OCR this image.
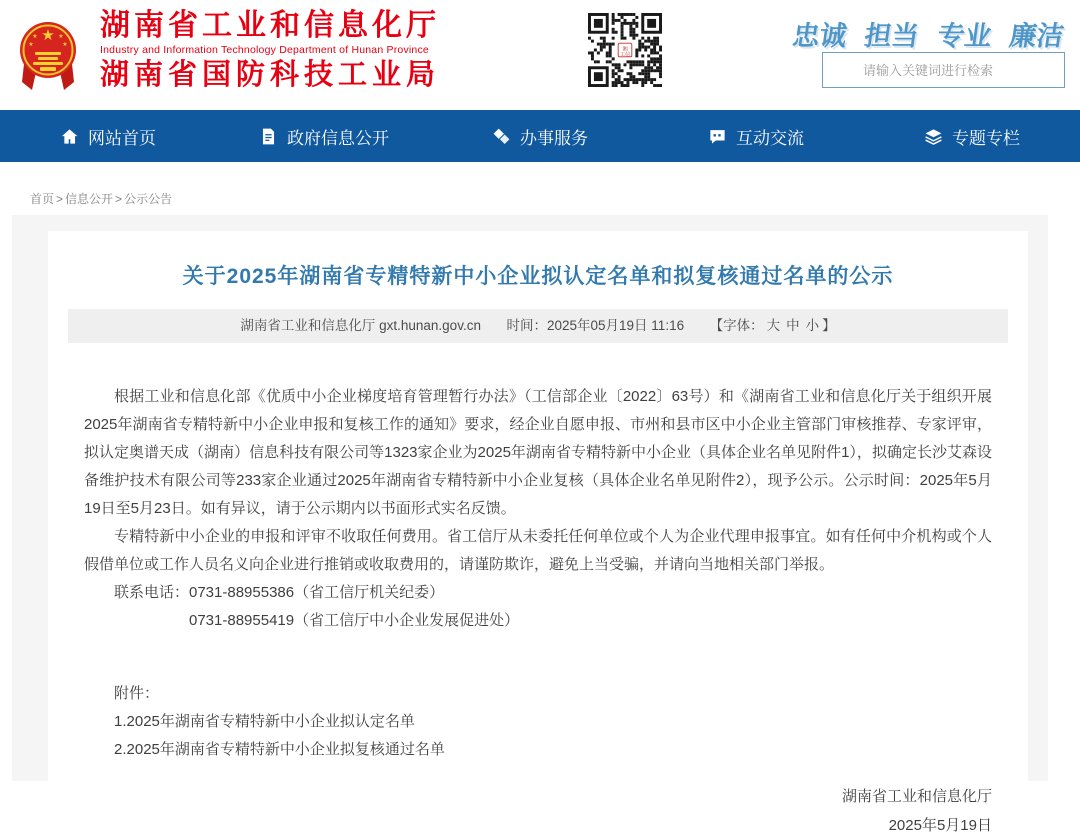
★
★	★
★	★
湖南省工业和信息化厅
Industry and Information Technology Department of Hunan Province
湖南省国防科技工业局
湘
工信
忠诚 担当 专业 廉洁
请输入关键词进行检索
网站首页	政府信息公开	办事服务	互动交流	专题专栏
首页 > 信息公开 > 公示公告
关于2025年湖南省专精特新中小企业拟认定名单和拟复核通过名单的公示
湖南省工业和信息化厅 gxt.hunan.gov.cn 时间：2025年05月19日 11:16 【字体： 大 中 小 】

根据工业和信息化部《优质中小企业梯度培育管理暂行办法》（工信部企业〔2022〕63号）和《湖南省工业和信息化厅关于组织开展2025年湖南省专精特新中小企业申报和复核工作的通知》要求，经企业自愿申报、市州和县市区中小企业主管部门审核推荐、专家评审，拟认定奥谱天成（湖南）信息科技有限公司等1323家企业为2025年湖南省专精特新中小企业（具体企业名单见附件1），拟确定长沙艾森设备维护技术有限公司等233家企业通过2025年湖南省专精特新中小企业复核（具体企业名单见附件2），现予公示。公示时间：2025年5月19日至5月23日。如有异议，请于公示期内以书面形式实名反馈。

专精特新中小企业的申报和评审不收取任何费用。省工信厅从未委托任何单位或个人为企业代理申报事宜。如有任何中介机构或个人假借单位或工作人员名义向企业进行推销或收取费用的，请谨防欺诈，避免上当受骗，并请向当地相关部门举报。

联系电话：0731-88955386（省工信厅机关纪委）

0731-88955419（省工信厅中小企业发展促进处）

附件：

1.2025年湖南省专精特新中小企业拟认定名单

2.2025年湖南省专精特新中小企业拟复核通过名单

湖南省工业和信息化厅
2025年5月19日
